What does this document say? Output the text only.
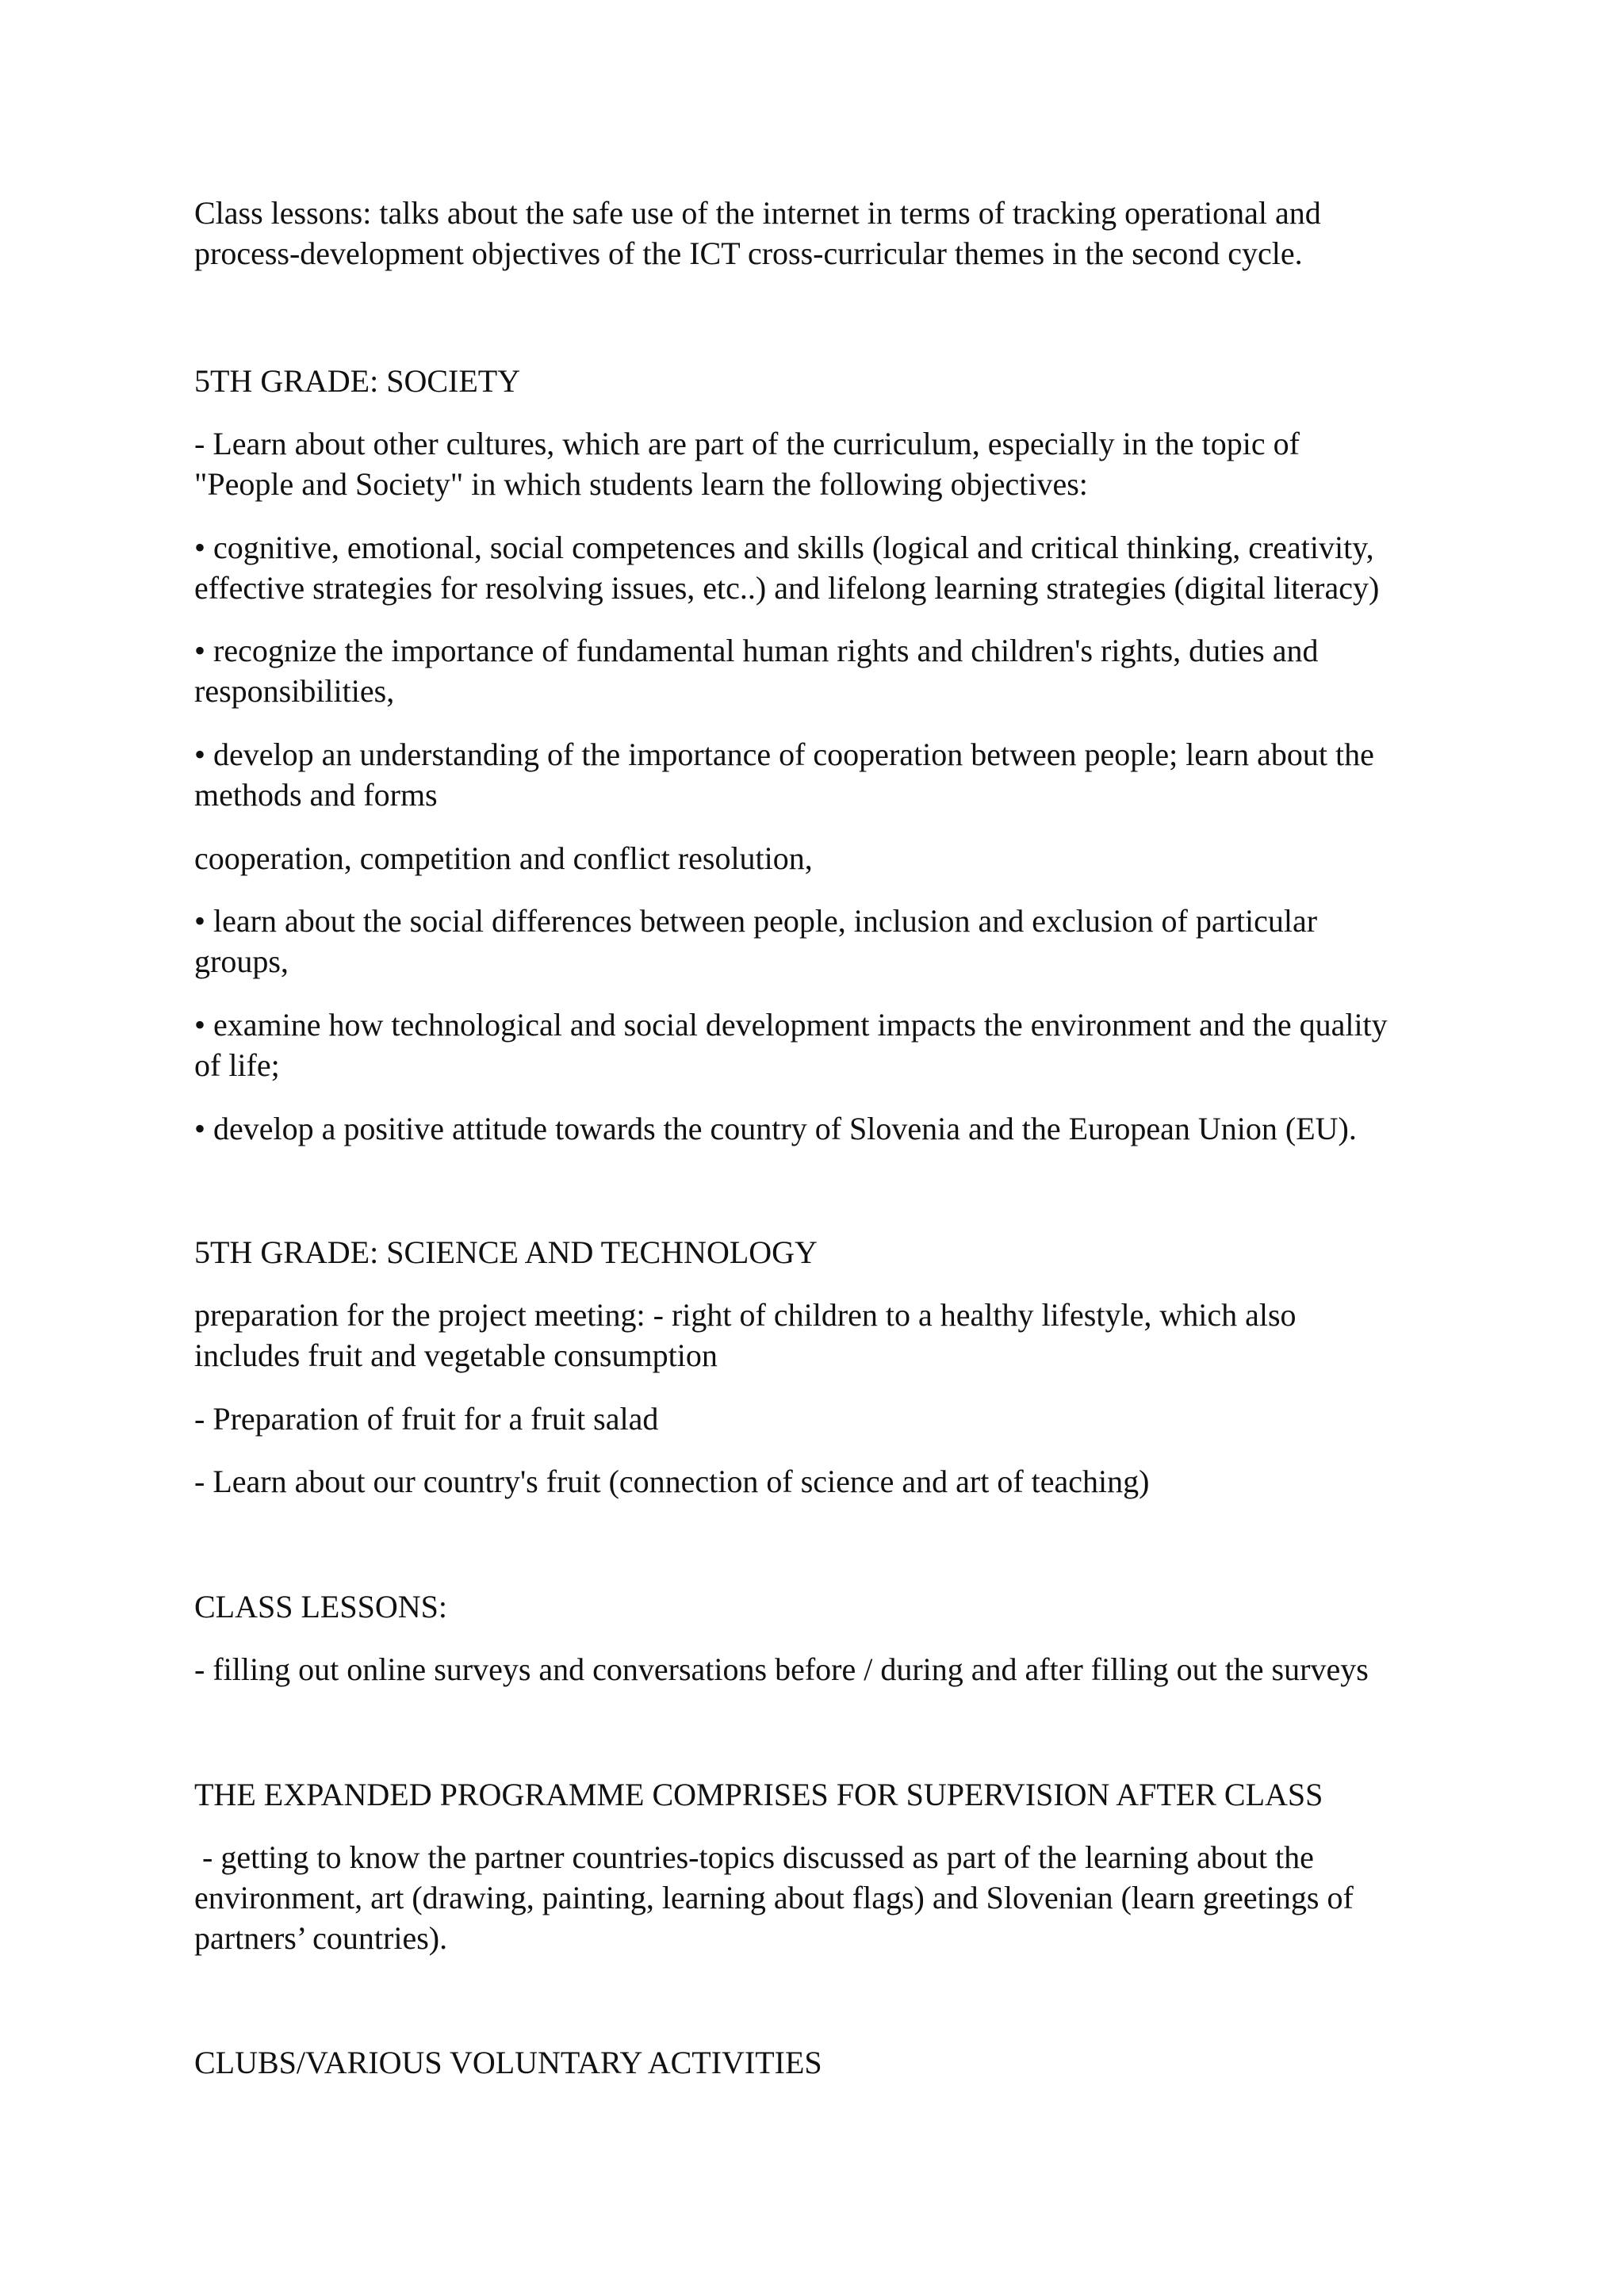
Class lessons: talks about the safe use of the internet in terms of tracking operational and
process-development objectives of the ICT cross-curricular themes in the second cycle.

5TH GRADE: SOCIETY

- Learn about other cultures, which are part of the curriculum, especially in the topic of
"People and Society" in which students learn the following objectives:

• cognitive, emotional, social competences and skills (logical and critical thinking, creativity,
effective strategies for resolving issues, etc..) and lifelong learning strategies (digital literacy)

• recognize the importance of fundamental human rights and children's rights, duties and
responsibilities,

• develop an understanding of the importance of cooperation between people; learn about the
methods and forms

cooperation, competition and conflict resolution,

• learn about the social differences between people, inclusion and exclusion of particular
groups,

• examine how technological and social development impacts the environment and the quality
of life;

• develop a positive attitude towards the country of Slovenia and the European Union (EU).

5TH GRADE: SCIENCE AND TECHNOLOGY

preparation for the project meeting: - right of children to a healthy lifestyle, which also
includes fruit and vegetable consumption

- Preparation of fruit for a fruit salad

- Learn about our country's fruit (connection of science and art of teaching)

CLASS LESSONS:

- filling out online surveys and conversations before / during and after filling out the surveys

THE EXPANDED PROGRAMME COMPRISES FOR SUPERVISION AFTER CLASS

- getting to know the partner countries-topics discussed as part of the learning about the
environment, art (drawing, painting, learning about flags) and Slovenian (learn greetings of
partners’ countries).

CLUBS/VARIOUS VOLUNTARY ACTIVITIES
